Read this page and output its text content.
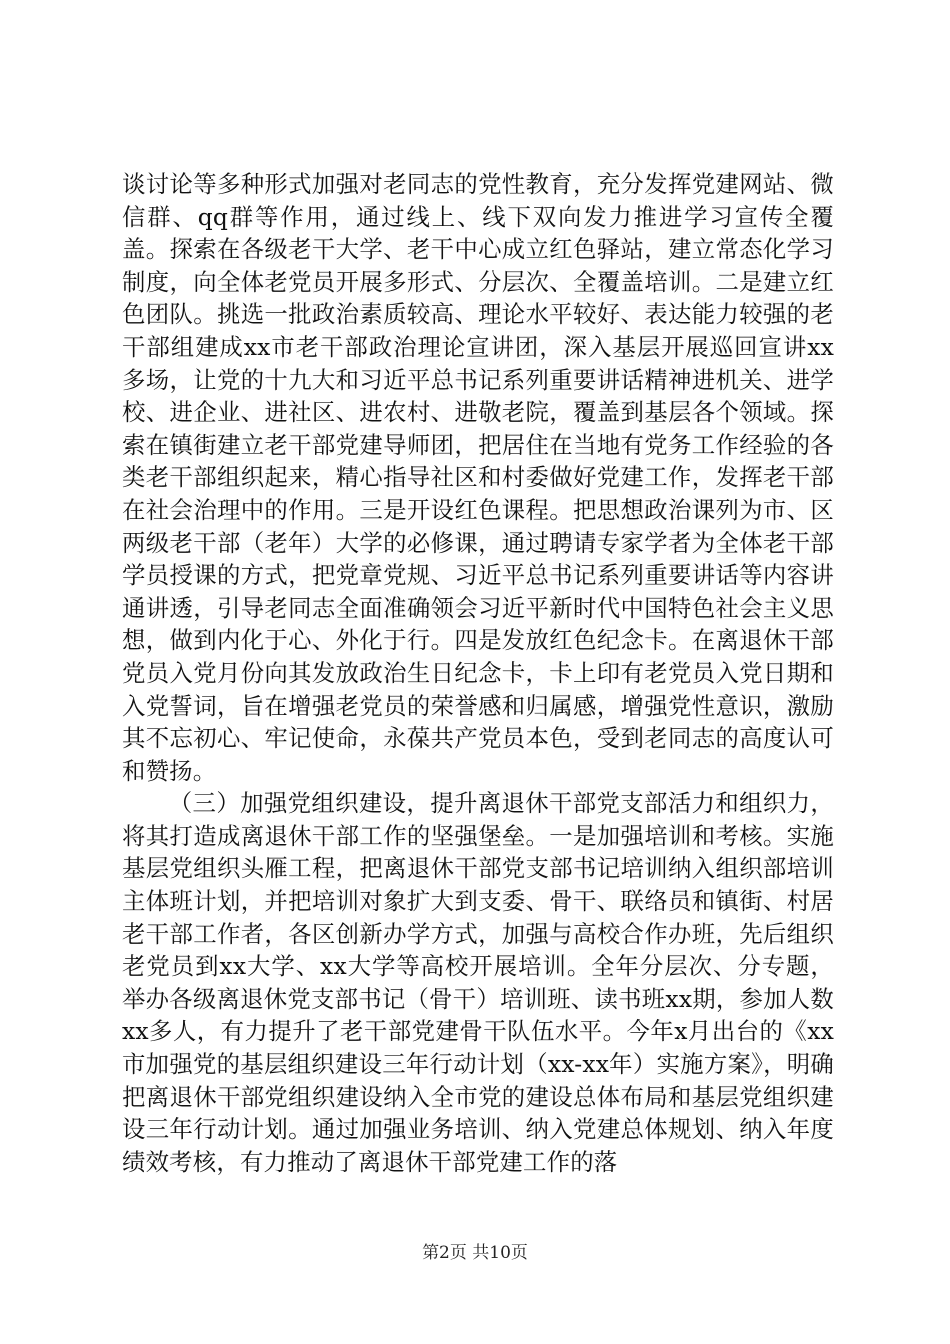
谈讨论等多种形式加强对老同志的党性教育，充分发挥党建网站、微信群、qq群等作用，通过线上、线下双向发力推进学习宣传全覆盖。探索在各级老干大学、老干中心成立红色驿站，建立常态化学习制度，向全体老党员开展多形式、分层次、全覆盖培训。二是建立红色团队。挑选一批政治素质较高、理论水平较好、表达能力较强的老干部组建成xx市老干部政治理论宣讲团，深入基层开展巡回宣讲xx多场，让党的十九大和习近平总书记系列重要讲话精神进机关、进学校、进企业、进社区、进农村、进敬老院，覆盖到基层各个领域。探索在镇街建立老干部党建导师团，把居住在当地有党务工作经验的各类老干部组织起来，精心指导社区和村委做好党建工作，发挥老干部在社会治理中的作用。三是开设红色课程。把思想政治课列为市、区两级老干部（老年）大学的必修课，通过聘请专家学者为全体老干部学员授课的方式，把党章党规、习近平总书记系列重要讲话等内容讲通讲透，引导老同志全面准确领会习近平新时代中国特色社会主义思想，做到内化于心、外化于行。四是发放红色纪念卡。在离退休干部党员入党月份向其发放政治生日纪念卡，卡上印有老党员入党日期和入党誓词，旨在增强老党员的荣誉感和归属感，增强党性意识，激励其不忘初心、牢记使命，永葆共产党员本色，受到老同志的高度认可和赞扬。

（三）加强党组织建设，提升离退休干部党支部活力和组织力，将其打造成离退休干部工作的坚强堡垒。一是加强培训和考核。实施基层党组织头雁工程，把离退休干部党支部书记培训纳入组织部培训主体班计划，并把培训对象扩大到支委、骨干、联络员和镇街、村居老干部工作者，各区创新办学方式，加强与高校合作办班，先后组织老党员到xx大学、xx大学等高校开展培训。全年分层次、分专题，举办各级离退休党支部书记（骨干）培训班、读书班xx期，参加人数xx多人，有力提升了老干部党建骨干队伍水平。今年x月出台的《xx市加强党的基层组织建设三年行动计划（xx-xx年）实施方案》，明确把离退休干部党组织建设纳入全市党的建设总体布局和基层党组织建设三年行动计划。通过加强业务培训、纳入党建总体规划、纳入年度绩效考核，有力推动了离退休干部党建工作的落

第2页 共10页
